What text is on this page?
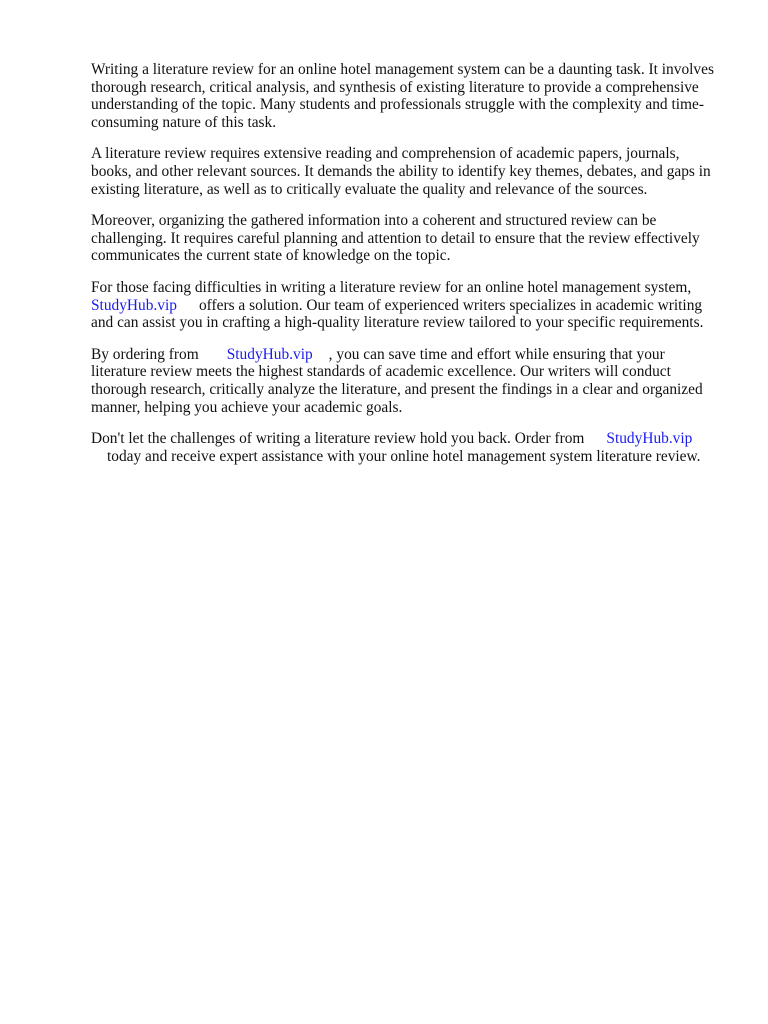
Writing a literature review for an online hotel management system can be a daunting task. It involves
thorough research, critical analysis, and synthesis of existing literature to provide a comprehensive
understanding of the topic. Many students and professionals struggle with the complexity and time-
consuming nature of this task.

A literature review requires extensive reading and comprehension of academic papers, journals,
books, and other relevant sources. It demands the ability to identify key themes, debates, and gaps in
existing literature, as well as to critically evaluate the quality and relevance of the sources.

Moreover, organizing the gathered information into a coherent and structured review can be
challenging. It requires careful planning and attention to detail to ensure that the review effectively
communicates the current state of knowledge on the topic.

For those facing difficulties in writing a literature review for an online hotel management system,
StudyHub.vip offers a solution. Our team of experienced writers specializes in academic writing
and can assist you in crafting a high-quality literature review tailored to your specific requirements.

By ordering from StudyHub.vip , you can save time and effort while ensuring that your
literature review meets the highest standards of academic excellence. Our writers will conduct
thorough research, critically analyze the literature, and present the findings in a clear and organized
manner, helping you achieve your academic goals.

Don't let the challenges of writing a literature review hold you back. Order from StudyHub.vip
today and receive expert assistance with your online hotel management system literature review.
